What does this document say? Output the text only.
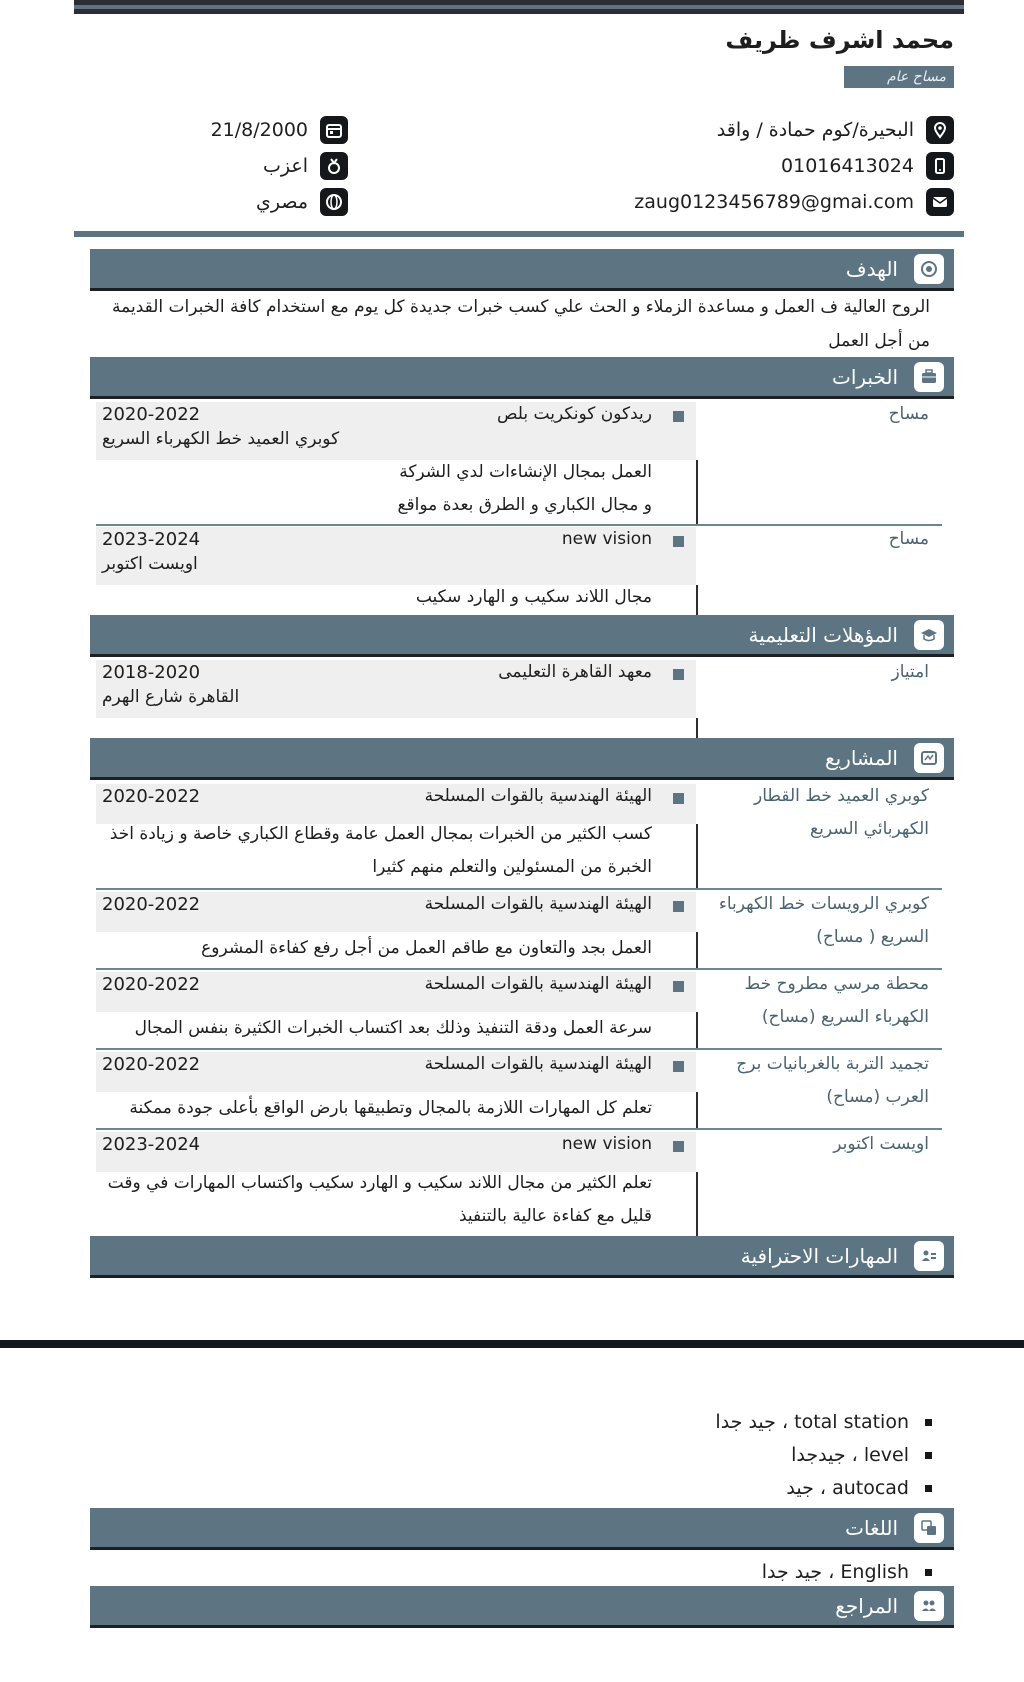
محمد اشرف ظريف
مساح عام
21/8/2000
اعزب
مصري
البحيرة/كوم حمادة / واقد
01016413024
zaug0123456789@gmai.com
الهدف
الروح العالية ف العمل و مساعدة الزملاء و الحث علي كسب خبرات جديدة كل يوم مع استخدام كافة الخبرات القديمة
من أجل العمل
الخبرات
مساح
2020-2022
كوبري العميد خط الكهرباء السريع
ريدكون كونكريت بلص
العمل بمجال الإنشاءات لدي الشركة
و مجال الكباري و الطرق بعدة مواقع
مساح
2023-2024
اويست اكتوبر
new vision
مجال اللاند سكيب و الهارد سكيب
المؤهلات التعليمية
امتياز
2018-2020
القاهرة شارع الهرم
معهد القاهرة التعليمى
المشاريع
كوبري العميد خط القطار
الكهربائي السريع
2020-2022	الهيئة الهندسية بالقوات المسلحة
كسب الكثير من الخبرات بمجال العمل عامة وقطاع الكباري خاصة و زيادة اخذ
الخبرة من المسئولين والتعلم منهم كثيرا
كوبري الرويسات خط الكهرباء
السريع ( مساح)
2020-2022	الهيئة الهندسية بالقوات المسلحة
العمل بجد والتعاون مع طاقم العمل من أجل رفع كفاءة المشروع
محطة مرسي مطروح خط
الكهرباء السريع (مساح)
2020-2022	الهيئة الهندسية بالقوات المسلحة
سرعة العمل ودقة التنفيذ وذلك بعد اكتساب الخبرات الكثيرة بنفس المجال
تجميد التربة بالغربانيات برج
العرب (مساح)
2020-2022	الهيئة الهندسية بالقوات المسلحة
تعلم كل المهارات اللازمة بالمجال وتطبيقها بارض الواقع بأعلى جودة ممكنة
اويست اكتوبر
2023-2024	new vision
تعلم الكثير من مجال اللاند سكيب و الهارد سكيب واكتساب المهارات في وقت
قليل مع كفاءة عالية بالتنفيذ
المهارات الاحترافية
total station ، جيد جدا
level ، جيدجدا
autocad ، جيد
اللغات
English ، جيد جدا
المراجع
